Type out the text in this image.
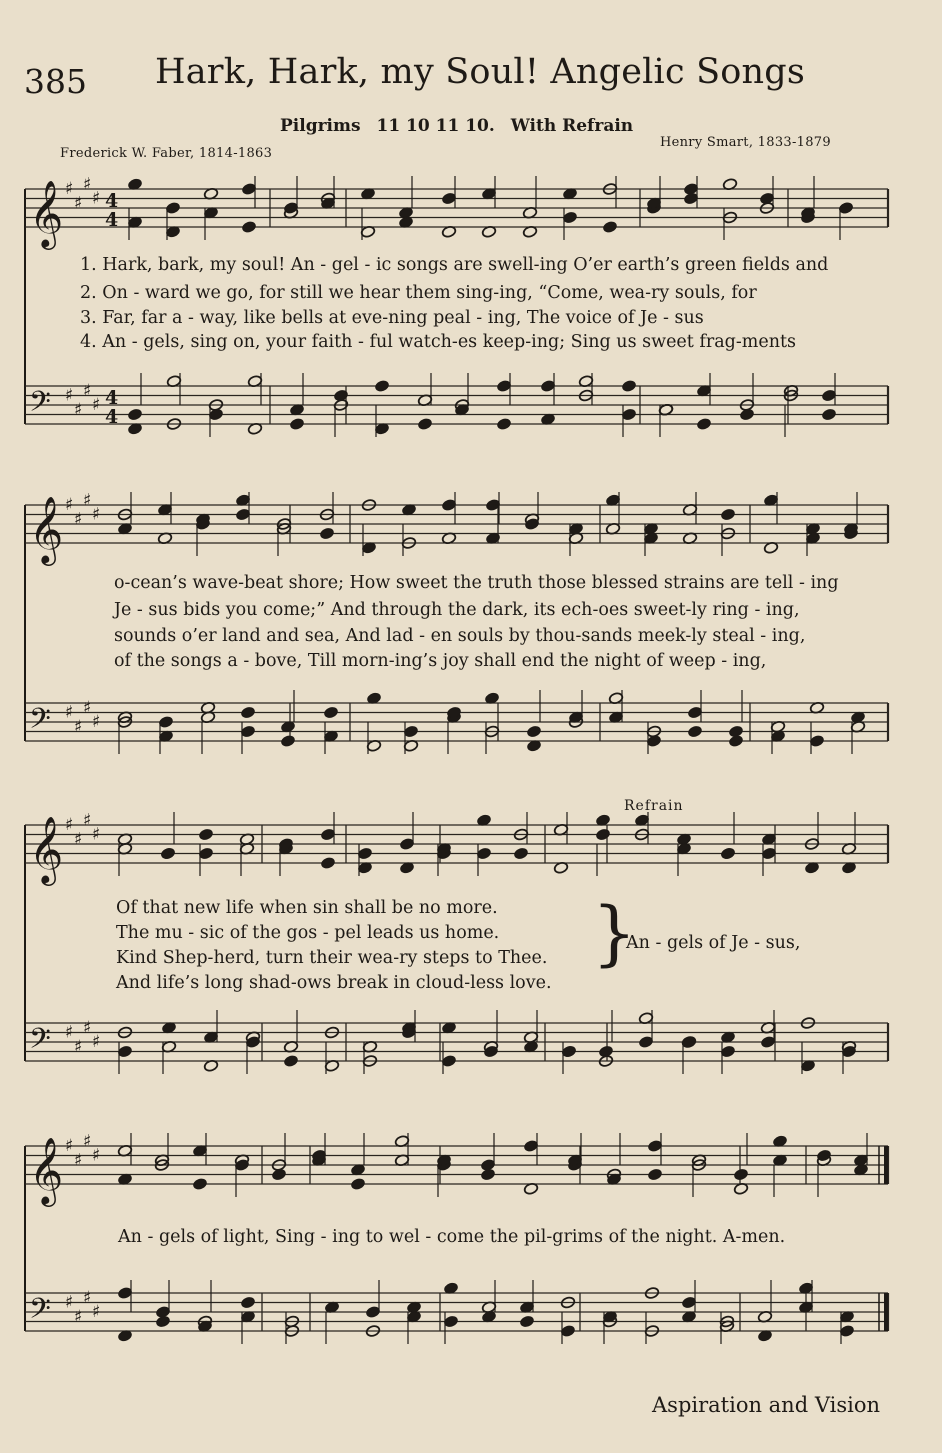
385 Hark, Hark, my Soul! Angelic Songs
Pilgrims 11 10 11 10. With Refrain
Frederick W. Faber, 1814-1863
Henry Smart, 1833-1879
𝄞 ♯
♯
♯
♯ 4
4
𝄢 ♯
♯
♯
♯ 4
4
𝄞 ♯
♯
♯
♯
𝄢 ♯
♯
♯
♯
𝄞 ♯
♯
♯
♯
𝄢 ♯
♯
♯
♯
𝄞 ♯
♯
♯
♯
𝄢 ♯
♯
♯
♯
1. Hark, bark, my soul! An - gel - ic songs are swell-ing O’er earth’s green fields and
2. On - ward we go, for still we hear them sing-ing, “Come, wea-ry souls, for
3. Far, far a - way, like bells at eve-ning peal - ing, The voice of Je - sus
4. An - gels, sing on, your faith - ful watch-es keep-ing; Sing us sweet frag-ments
o-cean’s wave-beat shore; How sweet the truth those blessed strains are tell - ing
Je - sus bids you come;” And through the dark, its ech-oes sweet-ly ring - ing,
sounds o’er land and sea, And lad - en souls by thou-sands meek-ly steal - ing,
of the songs a - bove, Till morn-ing’s joy shall end the night of weep - ing,
Refrain
Of that new life when sin shall be no more.
The mu - sic of the gos - pel leads us home.
Kind Shep-herd, turn their wea-ry steps to Thee.
And life’s long shad-ows break in cloud-less love.
}
An - gels of Je - sus,
An - gels of light, Sing - ing to wel - come the pil-grims of the night. A-men.
Aspiration and Vision
